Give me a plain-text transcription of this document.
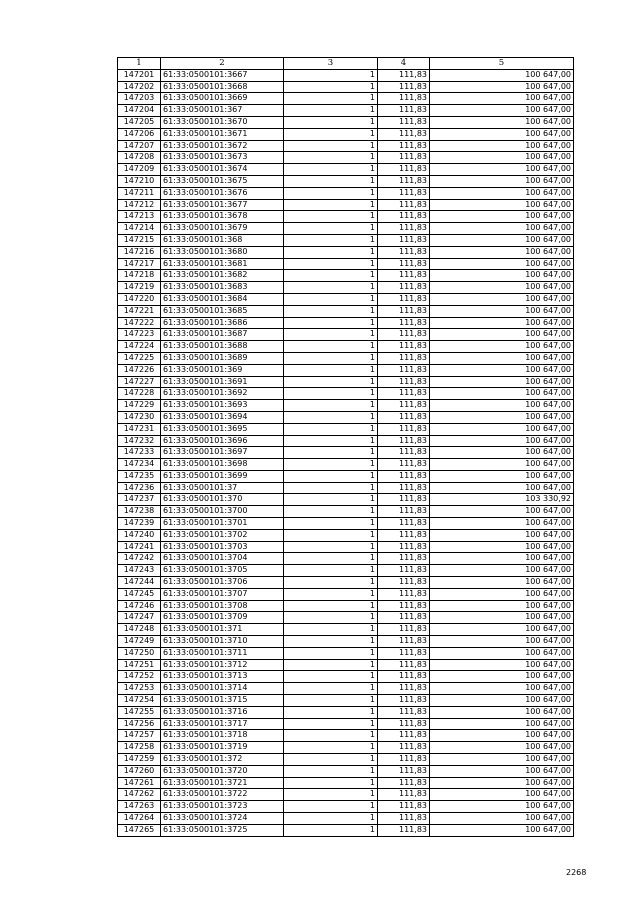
1	2	3	4	5
147201	61:33:0500101:3667	1	111,83	100 647,00
147202	61:33:0500101:3668	1	111,83	100 647,00
147203	61:33:0500101:3669	1	111,83	100 647,00
147204	61:33:0500101:367	1	111,83	100 647,00
147205	61:33:0500101:3670	1	111,83	100 647,00
147206	61:33:0500101:3671	1	111,83	100 647,00
147207	61:33:0500101:3672	1	111,83	100 647,00
147208	61:33:0500101:3673	1	111,83	100 647,00
147209	61:33:0500101:3674	1	111,83	100 647,00
147210	61:33:0500101:3675	1	111,83	100 647,00
147211	61:33:0500101:3676	1	111,83	100 647,00
147212	61:33:0500101:3677	1	111,83	100 647,00
147213	61:33:0500101:3678	1	111,83	100 647,00
147214	61:33:0500101:3679	1	111,83	100 647,00
147215	61:33:0500101:368	1	111,83	100 647,00
147216	61:33:0500101:3680	1	111,83	100 647,00
147217	61:33:0500101:3681	1	111,83	100 647,00
147218	61:33:0500101:3682	1	111,83	100 647,00
147219	61:33:0500101:3683	1	111,83	100 647,00
147220	61:33:0500101:3684	1	111,83	100 647,00
147221	61:33:0500101:3685	1	111,83	100 647,00
147222	61:33:0500101:3686	1	111,83	100 647,00
147223	61:33:0500101:3687	1	111,83	100 647,00
147224	61:33:0500101:3688	1	111,83	100 647,00
147225	61:33:0500101:3689	1	111,83	100 647,00
147226	61:33:0500101:369	1	111,83	100 647,00
147227	61:33:0500101:3691	1	111,83	100 647,00
147228	61:33:0500101:3692	1	111,83	100 647,00
147229	61:33:0500101:3693	1	111,83	100 647,00
147230	61:33:0500101:3694	1	111,83	100 647,00
147231	61:33:0500101:3695	1	111,83	100 647,00
147232	61:33:0500101:3696	1	111,83	100 647,00
147233	61:33:0500101:3697	1	111,83	100 647,00
147234	61:33:0500101:3698	1	111,83	100 647,00
147235	61:33:0500101:3699	1	111,83	100 647,00
147236	61:33:0500101:37	1	111,83	100 647,00
147237	61:33:0500101:370	1	111,83	103 330,92
147238	61:33:0500101:3700	1	111,83	100 647,00
147239	61:33:0500101:3701	1	111,83	100 647,00
147240	61:33:0500101:3702	1	111,83	100 647,00
147241	61:33:0500101:3703	1	111,83	100 647,00
147242	61:33:0500101:3704	1	111,83	100 647,00
147243	61:33:0500101:3705	1	111,83	100 647,00
147244	61:33:0500101:3706	1	111,83	100 647,00
147245	61:33:0500101:3707	1	111,83	100 647,00
147246	61:33:0500101:3708	1	111,83	100 647,00
147247	61:33:0500101:3709	1	111,83	100 647,00
147248	61:33:0500101:371	1	111,83	100 647,00
147249	61:33:0500101:3710	1	111,83	100 647,00
147250	61:33:0500101:3711	1	111,83	100 647,00
147251	61:33:0500101:3712	1	111,83	100 647,00
147252	61:33:0500101:3713	1	111,83	100 647,00
147253	61:33:0500101:3714	1	111,83	100 647,00
147254	61:33:0500101:3715	1	111,83	100 647,00
147255	61:33:0500101:3716	1	111,83	100 647,00
147256	61:33:0500101:3717	1	111,83	100 647,00
147257	61:33:0500101:3718	1	111,83	100 647,00
147258	61:33:0500101:3719	1	111,83	100 647,00
147259	61:33:0500101:372	1	111,83	100 647,00
147260	61:33:0500101:3720	1	111,83	100 647,00
147261	61:33:0500101:3721	1	111,83	100 647,00
147262	61:33:0500101:3722	1	111,83	100 647,00
147263	61:33:0500101:3723	1	111,83	100 647,00
147264	61:33:0500101:3724	1	111,83	100 647,00
147265	61:33:0500101:3725	1	111,83	100 647,00
2268
